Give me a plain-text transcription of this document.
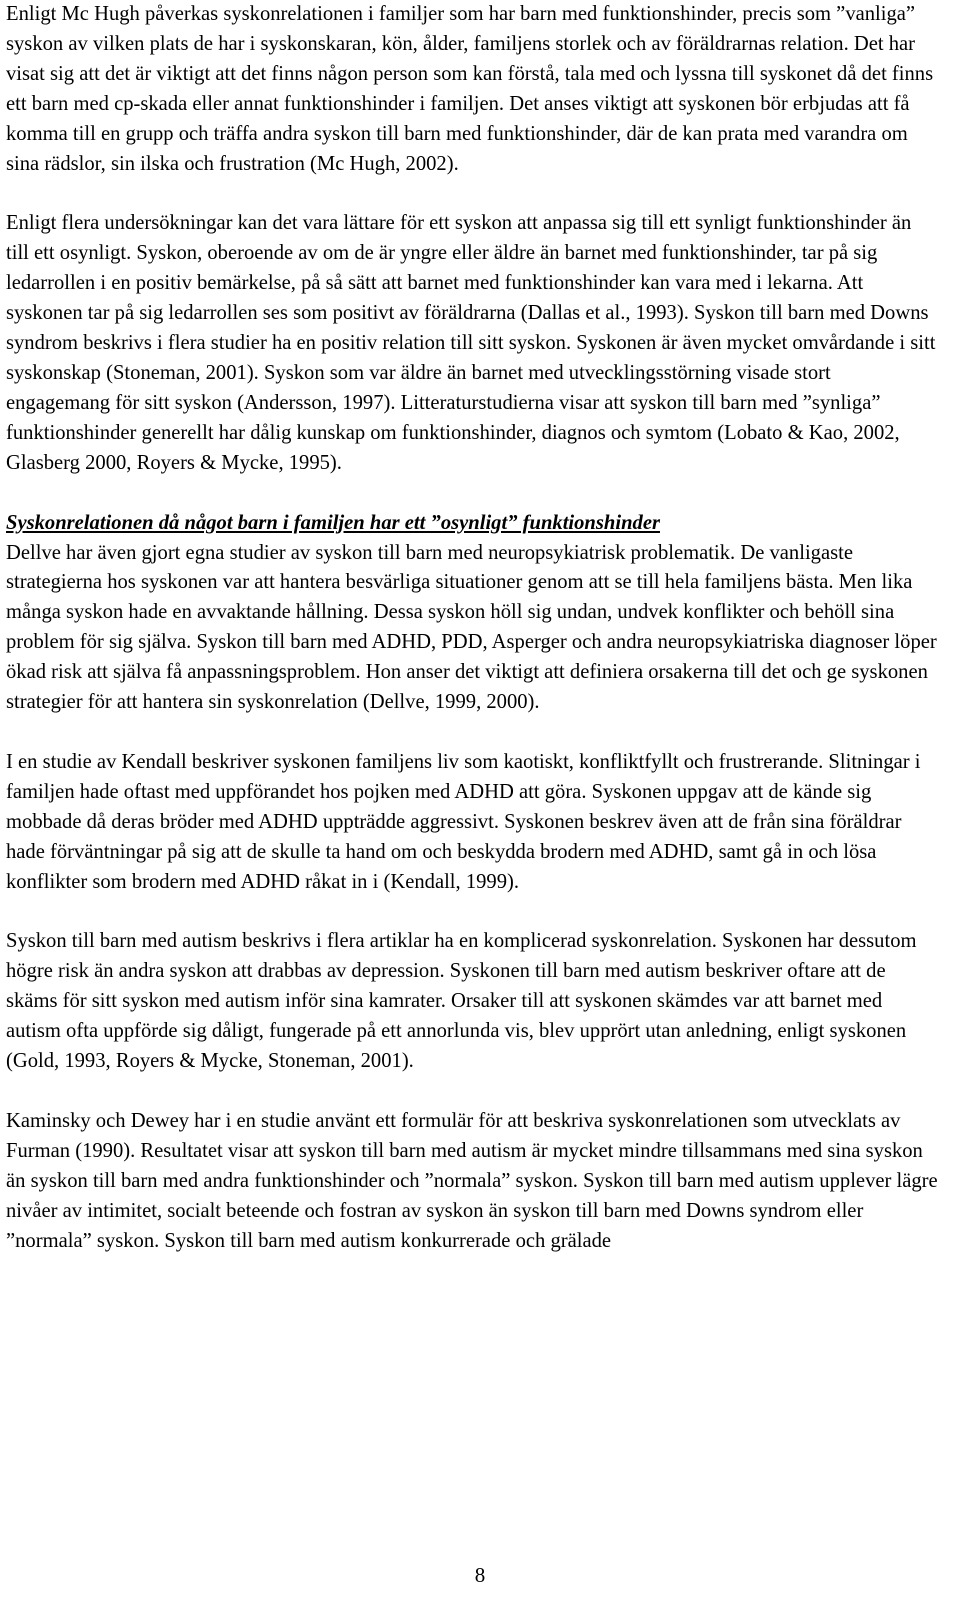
Enligt Mc Hugh påverkas syskonrelationen i familjer som har barn med funktionshinder, precis som ”vanliga” syskon av vilken plats de har i syskonskaran, kön, ålder, familjens storlek och av föräldrarnas relation. Det har visat sig att det är viktigt att det finns någon person som kan förstå, tala med och lyssna till syskonet då det finns ett barn med cp-skada eller annat funktionshinder i familjen. Det anses viktigt att syskonen bör erbjudas att få komma till en grupp och träffa andra syskon till barn med funktionshinder, där de kan prata med varandra om sina rädslor, sin ilska och frustration (Mc Hugh, 2002).

Enligt flera undersökningar kan det vara lättare för ett syskon att anpassa sig till ett synligt funktionshinder än till ett osynligt. Syskon, oberoende av om de är yngre eller äldre än barnet med funktionshinder, tar på sig ledarrollen i en positiv bemärkelse, på så sätt att barnet med funktionshinder kan vara med i lekarna. Att syskonen tar på sig ledarrollen ses som positivt av föräldrarna (Dallas et al., 1993). Syskon till barn med Downs syndrom beskrivs i flera studier ha en positiv relation till sitt syskon. Syskonen är även mycket omvårdande i sitt syskonskap (Stoneman, 2001). Syskon som var äldre än barnet med utvecklingsstörning visade stort engagemang för sitt syskon (Andersson, 1997). Litteraturstudierna visar att syskon till barn med ”synliga” funktionshinder generellt har dålig kunskap om funktionshinder, diagnos och symtom (Lobato & Kao, 2002, Glasberg 2000, Royers & Mycke, 1995).

Syskonrelationen då något barn i familjen har ett ”osynligt” funktionshinder

Dellve har även gjort egna studier av syskon till barn med neuropsykiatrisk problematik. De vanligaste strategierna hos syskonen var att hantera besvärliga situationer genom att se till hela familjens bästa. Men lika många syskon hade en avvaktande hållning. Dessa syskon höll sig undan, undvek konflikter och behöll sina problem för sig själva. Syskon till barn med ADHD, PDD, Asperger och andra neuropsykiatriska diagnoser löper ökad risk att själva få anpassningsproblem. Hon anser det viktigt att definiera orsakerna till det och ge syskonen strategier för att hantera sin syskonrelation (Dellve, 1999, 2000).

I en studie av Kendall beskriver syskonen familjens liv som kaotiskt, konfliktfyllt och frustrerande. Slitningar i familjen hade oftast med uppförandet hos pojken med ADHD att göra. Syskonen uppgav att de kände sig mobbade då deras bröder med ADHD uppträdde aggressivt. Syskonen beskrev även att de från sina föräldrar hade förväntningar på sig att de skulle ta hand om och beskydda brodern med ADHD, samt gå in och lösa konflikter som brodern med ADHD råkat in i (Kendall, 1999).

Syskon till barn med autism beskrivs i flera artiklar ha en komplicerad syskonrelation. Syskonen har dessutom högre risk än andra syskon att drabbas av depression. Syskonen till barn med autism beskriver oftare att de skäms för sitt syskon med autism inför sina kamrater. Orsaker till att syskonen skämdes var att barnet med autism ofta uppförde sig dåligt, fungerade på ett annorlunda vis, blev upprört utan anledning, enligt syskonen (Gold, 1993, Royers & Mycke, Stoneman, 2001).

Kaminsky och Dewey har i en studie använt ett formulär för att beskriva syskonrelationen som utvecklats av Furman (1990). Resultatet visar att syskon till barn med autism är mycket mindre tillsammans med sina syskon än syskon till barn med andra funktionshinder och ”normala” syskon. Syskon till barn med autism upplever lägre nivåer av intimitet, socialt beteende och fostran av syskon än syskon till barn med Downs syndrom eller ”normala” syskon. Syskon till barn med autism konkurrerade och grälade

8
